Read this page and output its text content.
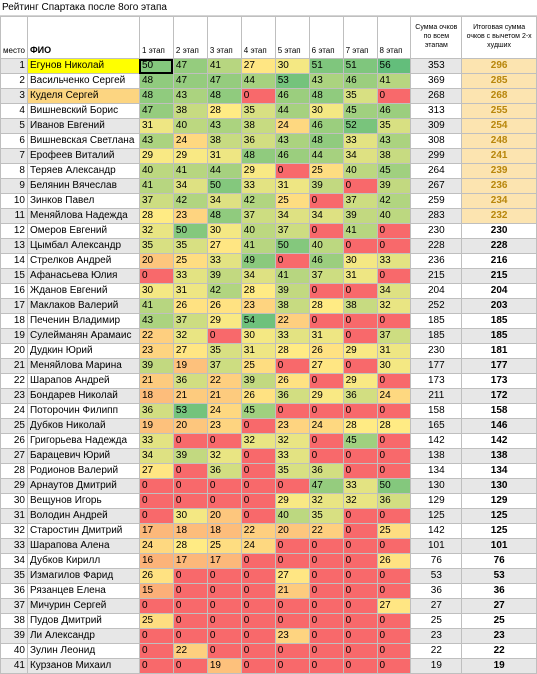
Рейтинг Спартака после 8ого этапа
место	ФИО	1 этап	2 этап	3 этап	4 этап	5 этап	6 этап	7 этап	8 этап	Сумма очков по всем этапам	Итоговая сумма очков с вычетом 2-х худших
1	Егунов Николай	50	47	41	27	30	51	51	56	353	296
2	Васильченко Сергей	48	47	47	44	53	43	46	41	369	285
3	Куделя Сергей	48	43	48	0	46	48	35	0	268	268
4	Вишневский Борис	47	38	28	35	44	30	45	46	313	255
5	Иванов Евгений	31	40	43	38	24	46	52	35	309	254
6	Вишневская Светлана	43	24	38	36	43	48	33	43	308	248
7	Ерофеев Виталий	29	29	31	48	46	44	34	38	299	241
8	Теряев Александр	40	41	44	29	0	25	40	45	264	239
9	Белянин Вячеслав	41	34	50	33	31	39	0	39	267	236
10	Зинков Павел	37	42	34	42	25	0	37	42	259	234
11	Меняйлова Надежда	28	23	48	37	34	34	39	40	283	232
12	Омеров Евгений	32	50	30	40	37	0	41	0	230	230
13	Цымбал Александр	35	35	27	41	50	40	0	0	228	228
14	Стрелков Андрей	20	25	33	49	0	46	30	33	236	216
15	Афанасьева Юлия	0	33	39	34	41	37	31	0	215	215
16	Жданов Евгений	30	31	42	28	39	0	0	34	204	204
17	Маклаков Валерий	41	26	26	23	38	28	38	32	252	203
18	Печенин Владимир	43	37	29	54	22	0	0	0	185	185
19	Сулейманян Арамаис	22	32	0	30	33	31	0	37	185	185
20	Дудкин Юрий	23	27	35	31	28	26	29	31	230	181
21	Меняйлова Марина	39	19	37	25	0	27	0	30	177	177
22	Шарапов Андрей	21	36	22	39	26	0	29	0	173	173
23	Бондарев Николай	18	21	21	26	36	29	36	24	211	172
24	Поторочин Филипп	36	53	24	45	0	0	0	0	158	158
25	Дубков Николай	19	20	23	0	23	24	28	28	165	146
26	Григорьева Надежда	33	0	0	32	32	0	45	0	142	142
27	Барацевич Юрий	34	39	32	0	33	0	0	0	138	138
28	Родионов Валерий	27	0	36	0	35	36	0	0	134	134
29	Арнаутов Дмитрий	0	0	0	0	0	47	33	50	130	130
30	Вещунов Игорь	0	0	0	0	29	32	32	36	129	129
31	Володин Андрей	0	30	20	0	40	35	0	0	125	125
32	Старостин Дмитрий	17	18	18	22	20	22	0	25	142	125
33	Шарапова Алена	24	28	25	24	0	0	0	0	101	101
34	Дубков Кирилл	16	17	17	0	0	0	0	26	76	76
35	Измагилов Фарид	26	0	0	0	27	0	0	0	53	53
36	Рязанцев Елена	15	0	0	0	21	0	0	0	36	36
37	Мичурин Сергей	0	0	0	0	0	0	0	27	27	27
38	Пудов Дмитрий	25	0	0	0	0	0	0	0	25	25
39	Ли Александр	0	0	0	0	23	0	0	0	23	23
40	Зулин Леонид	0	22	0	0	0	0	0	0	22	22
41	Курзанов Михаил	0	0	19	0	0	0	0	0	19	19
